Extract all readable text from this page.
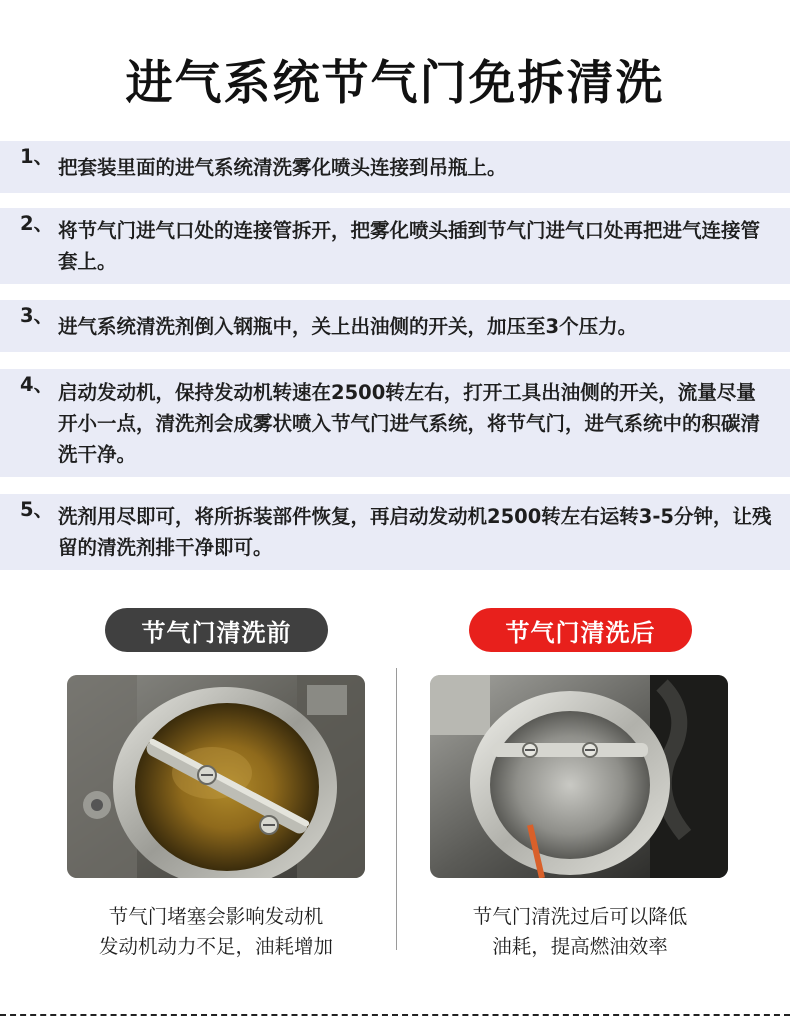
进气系统节气门免拆清洗
1、 把套装里面的进气系统清洗雾化喷头连接到吊瓶上。
2、 将节气门进气口处的连接管拆开，把雾化喷头插到节气门进气口处再把进气连接管套上。
3、 进气系统清洗剂倒入钢瓶中，关上出油侧的开关，加压至3个压力。
4、 启动发动机，保持发动机转速在2500转左右，打开工具出油侧的开关，流量尽量开小一点，清洗剂会成雾状喷入节气门进气系统，将节气门，进气系统中的积碳清洗干净。
5、 洗剂用尽即可，将所拆装部件恢复，再启动发动机2500转左右运转3-5分钟，让残留的清洗剂排干净即可。
节气门清洗前
节气门堵塞会影响发动机
发动机动力不足，油耗增加
节气门清洗后
节气门清洗过后可以降低
油耗，提高燃油效率
